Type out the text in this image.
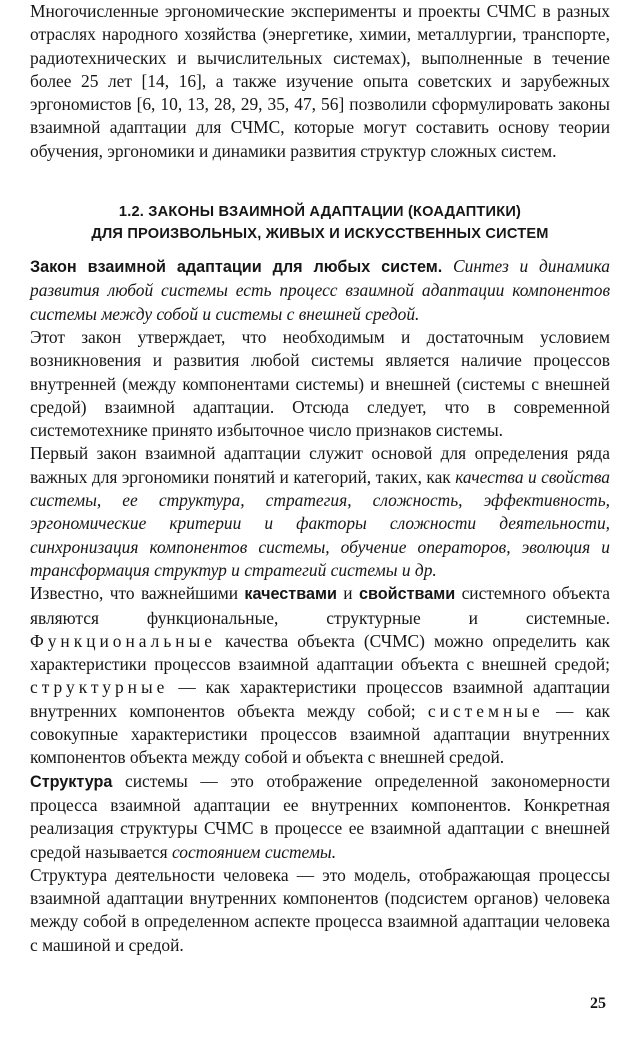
Многочисленные эргономические эксперименты и проекты СЧМС в разных отраслях народного хозяйства (энергетике, химии, металлургии, транспорте, радиотехнических и вычислительных системах), выполненные в течение более 25 лет [14, 16], а также изучение опыта советских и зарубежных эргономистов [6, 10, 13, 28, 29, 35, 47, 56] позволили сформулировать законы взаимной адаптации для СЧМС, которые могут составить основу теории обучения, эргономики и динамики развития структур сложных систем.

1.2. ЗАКОНЫ ВЗАИМНОЙ АДАПТАЦИИ (КОАДАПТИКИ)
ДЛЯ ПРОИЗВОЛЬНЫХ, ЖИВЫХ И ИСКУССТВЕННЫХ СИСТЕМ

Закон взаимной адаптации для любых систем. Синтез и динамика развития любой системы есть процесс взаимной адаптации компонентов системы между собой и системы с внешней средой.

Этот закон утверждает, что необходимым и достаточным условием возникновения и развития любой системы является наличие процессов внутренней (между компонентами системы) и внешней (системы с внешней средой) взаимной адаптации. Отсюда следует, что в современной системотехнике принято избыточное число признаков системы.

Первый закон взаимной адаптации служит основой для определения ряда важных для эргономики понятий и категорий, таких, как качества и свойства системы, ее структура, стратегия, сложность, эффективность, эргономические критерии и факторы сложности деятельности, синхронизация компонентов системы, обучение операторов, эволюция и трансформация структур и стратегий системы и др.

Известно, что важнейшими качествами и свойствами системного объекта являются функциональные, структурные и системные. Функциональные качества объекта (СЧМС) можно определить как характеристики процессов взаимной адаптации объекта с внешней средой; структурные — как характеристики процессов взаимной адаптации внутренних компонентов объекта между собой; системные — как совокупные характеристики процессов взаимной адаптации внутренних компонентов объекта между собой и объекта с внешней средой.

Структура системы — это отображение определенной закономерности процесса взаимной адаптации ее внутренних компонентов. Конкретная реализация структуры СЧМС в процессе ее взаимной адаптации с внешней средой называется состоянием системы.

Структура деятельности человека — это модель, отображающая процессы взаимной адаптации внутренних компонентов (подсистем органов) человека между собой в определенном аспекте процесса взаимной адаптации человека с машиной и средой.

25
